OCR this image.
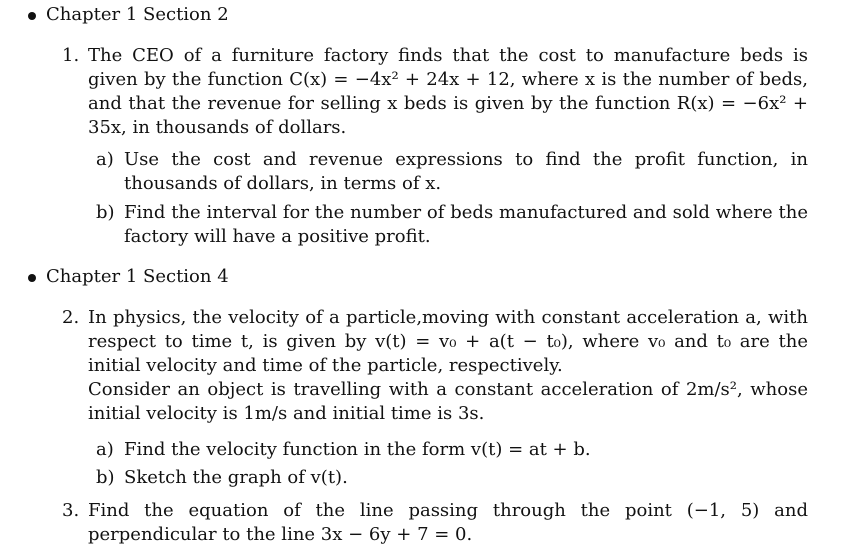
Chapter 1 Section 2
1. The CEO of a furniture factory finds that the cost to manufacture beds is given by the function C(x) = −4x² + 24x + 12, where x is the number of beds, and that the revenue for selling x beds is given by the function R(x) = −6x² + 35x, in thousands of dollars.

a) Use the cost and revenue expressions to find the profit function, in thousands of dollars, in terms of x.
b) Find the interval for the number of beds manufactured and sold where the factory will have a positive profit.
Chapter 1 Section 4
2. In physics, the velocity of a particle,moving with constant acceleration a, with respect to time t, is given by v(t) = v₀ + a(t − t₀), where v₀ and t₀ are the initial velocity and time of the particle, respectively.

Consider an object is travelling with a constant acceleration of 2m/s², whose initial velocity is 1m/s and initial time is 3s.

a) Find the velocity function in the form v(t) = at + b.
b) Sketch the graph of v(t).
3. Find the equation of the line passing through the point (−1, 5) and perpendicular to the line 3x − 6y + 7 = 0.
